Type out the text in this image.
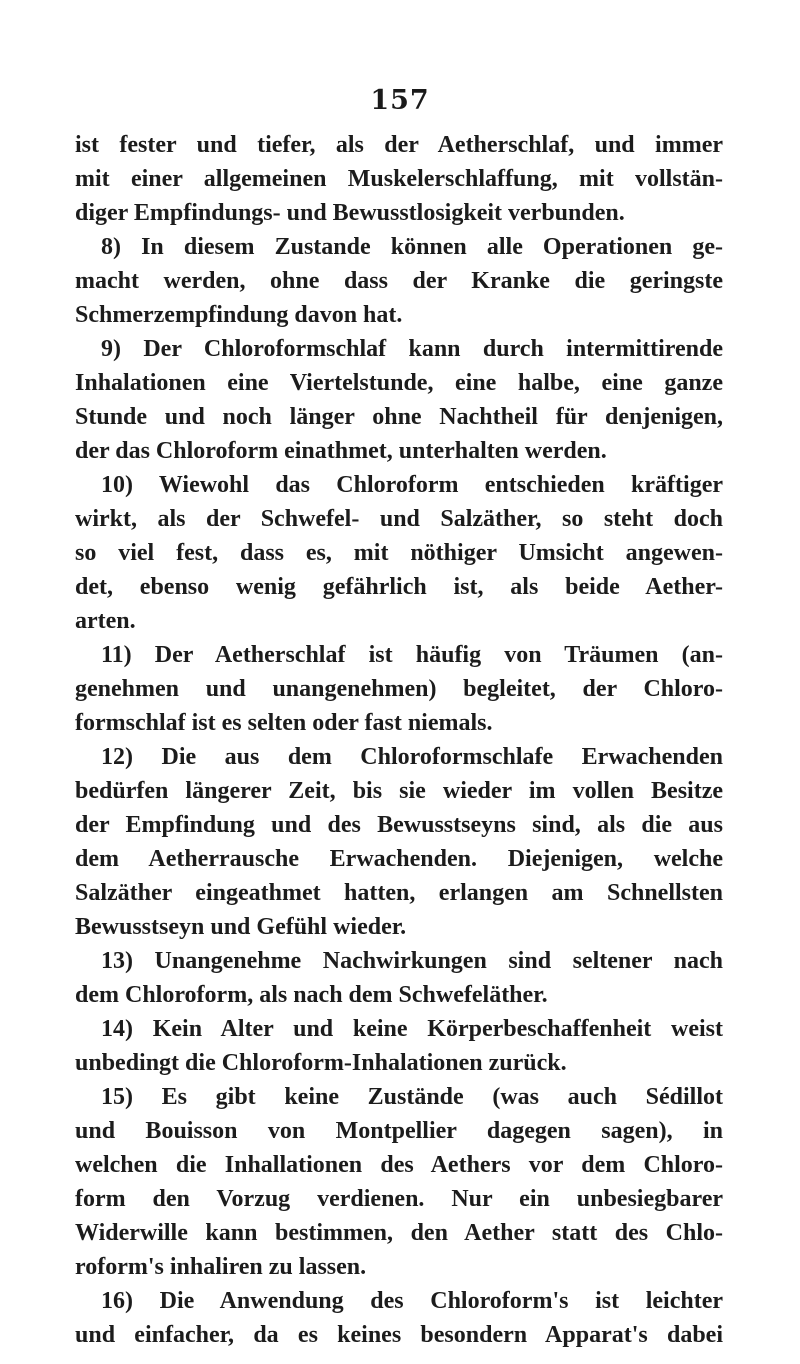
157
ist fester und tiefer, als der Aetherschlaf, und immer
mit einer allgemeinen Muskelerschlaffung, mit vollstän-
diger Empfindungs- und Bewusstlosigkeit verbunden.
8) In diesem Zustande können alle Operationen ge-
macht werden, ohne dass der Kranke die geringste
Schmerzempfindung davon hat.
9) Der Chloroformschlaf kann durch intermittirende
Inhalationen eine Viertelstunde, eine halbe, eine ganze
Stunde und noch länger ohne Nachtheil für denjenigen,
der das Chloroform einathmet, unterhalten werden.
10) Wiewohl das Chloroform entschieden kräftiger
wirkt, als der Schwefel- und Salzäther, so steht doch
so viel fest, dass es, mit nöthiger Umsicht angewen-
det, ebenso wenig gefährlich ist, als beide Aether-
arten.
11) Der Aetherschlaf ist häufig von Träumen (an-
genehmen und unangenehmen) begleitet, der Chloro-
formschlaf ist es selten oder fast niemals.
12) Die aus dem Chloroformschlafe Erwachenden
bedürfen längerer Zeit, bis sie wieder im vollen Besitze
der Empfindung und des Bewusstseyns sind, als die aus
dem Aetherrausche Erwachenden. Diejenigen, welche
Salzäther eingeathmet hatten, erlangen am Schnellsten
Bewusstseyn und Gefühl wieder.
13) Unangenehme Nachwirkungen sind seltener nach
dem Chloroform, als nach dem Schwefeläther.
14) Kein Alter und keine Körperbeschaffenheit weist
unbedingt die Chloroform-Inhalationen zurück.
15) Es gibt keine Zustände (was auch Sédillot
und Bouisson von Montpellier dagegen sagen), in
welchen die Inhallationen des Aethers vor dem Chloro-
form den Vorzug verdienen. Nur ein unbesiegbarer
Widerwille kann bestimmen, den Aether statt des Chlo-
roform's inhaliren zu lassen.
16) Die Anwendung des Chloroform's ist leichter
und einfacher, da es keines besondern Apparat's dabei
